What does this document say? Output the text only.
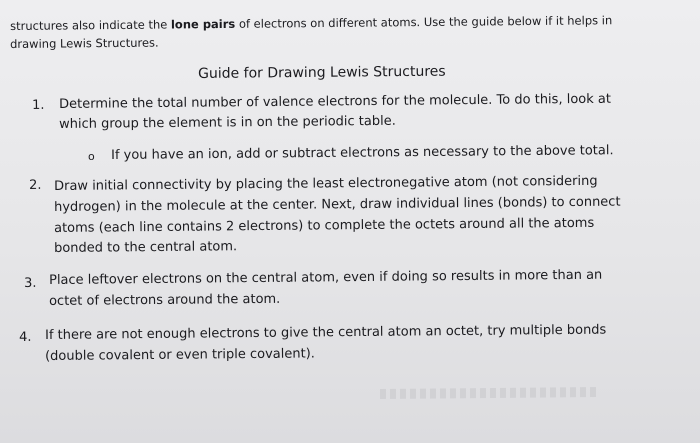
structures also indicate the lone pairs of electrons on different atoms. Use the guide below if it helps in
drawing Lewis Structures.
Guide for Drawing Lewis Structures
1. Determine the total number of valence electrons for the molecule. To do this, look at
which group the element is in on the periodic table.
o If you have an ion, add or subtract electrons as necessary to the above total.
2. Draw initial connectivity by placing the least electronegative atom (not considering
hydrogen) in the molecule at the center. Next, draw individual lines (bonds) to connect
atoms (each line contains 2 electrons) to complete the octets around all the atoms
bonded to the central atom.
3. Place leftover electrons on the central atom, even if doing so results in more than an
octet of electrons around the atom.
4. If there are not enough electrons to give the central atom an octet, try multiple bonds
(double covalent or even triple covalent).
